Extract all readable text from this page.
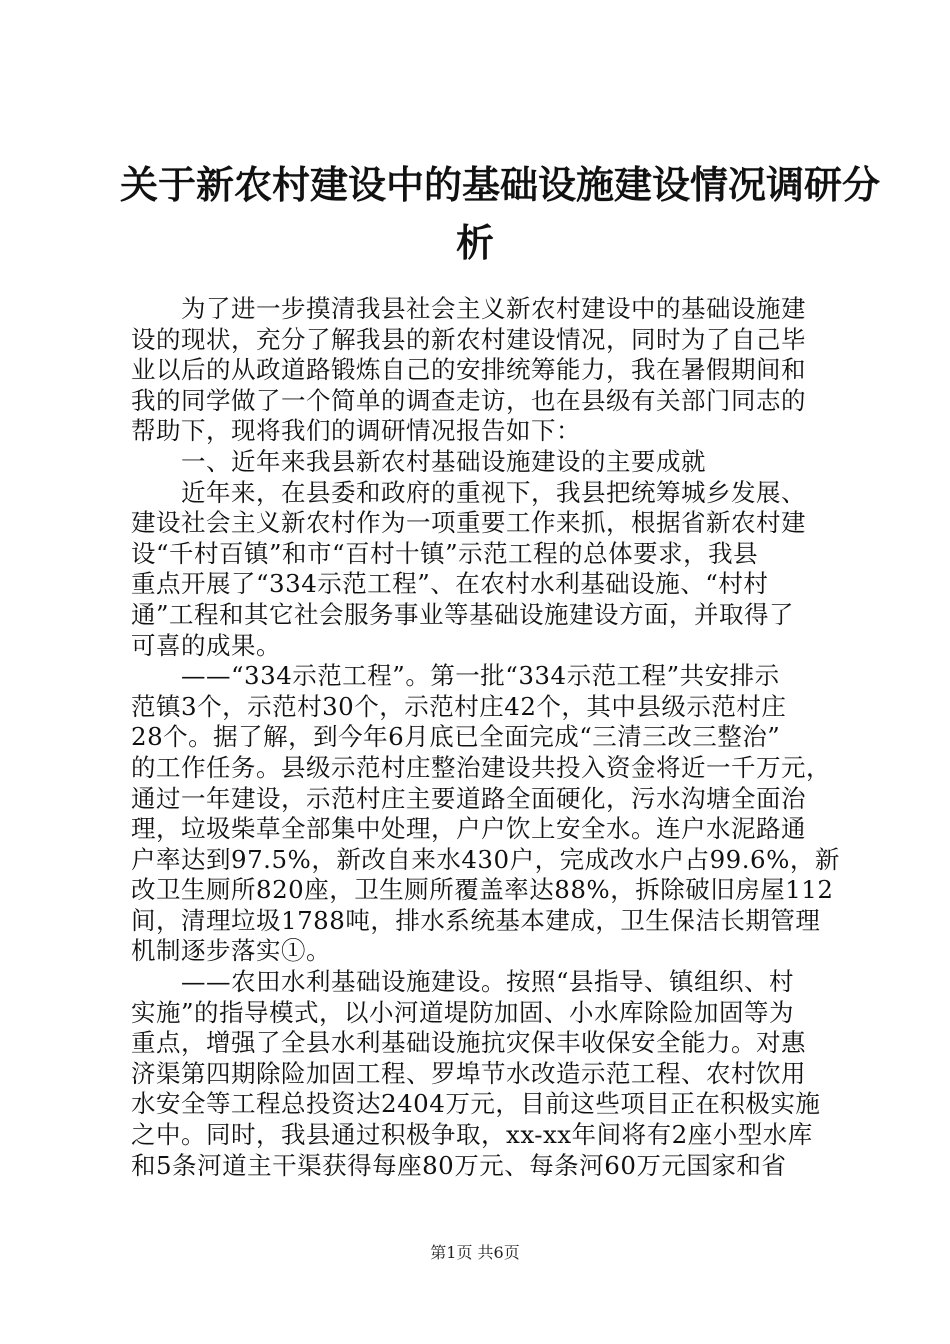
关于新农村建设中的基础设施建设情况调研分
析
　　为了进一步摸清我县社会主义新农村建设中的基础设施建
设的现状，充分了解我县的新农村建设情况，同时为了自己毕
业以后的从政道路锻炼自己的安排统筹能力，我在暑假期间和
我的同学做了一个简单的调查走访，也在县级有关部门同志的
帮助下，现将我们的调研情况报告如下：
　　一、近年来我县新农村基础设施建设的主要成就
　　近年来，在县委和政府的重视下，我县把统筹城乡发展、
建设社会主义新农村作为一项重要工作来抓，根据省新农村建
设“千村百镇”和市“百村十镇”示范工程的总体要求，我县
重点开展了“334示范工程”、在农村水利基础设施、“村村
通”工程和其它社会服务事业等基础设施建设方面，并取得了
可喜的成果。
　　——“334示范工程”。第一批“334示范工程”共安排示
范镇3个，示范村30个，示范村庄42个，其中县级示范村庄
28个。据了解，到今年6月底已全面完成“三清三改三整治”
的工作任务。县级示范村庄整治建设共投入资金将近一千万元，
通过一年建设，示范村庄主要道路全面硬化，污水沟塘全面治
理，垃圾柴草全部集中处理，户户饮上安全水。连户水泥路通
户率达到97.5%，新改自来水430户，完成改水户占99.6%，新
改卫生厕所820座，卫生厕所覆盖率达88%，拆除破旧房屋112
间，清理垃圾1788吨，排水系统基本建成，卫生保洁长期管理
机制逐步落实①。
　　——农田水利基础设施建设。按照“县指导、镇组织、村
实施”的指导模式，以小河道堤防加固、小水库除险加固等为
重点，增强了全县水利基础设施抗灾保丰收保安全能力。对惠
济渠第四期除险加固工程、罗埠节水改造示范工程、农村饮用
水安全等工程总投资达2404万元，目前这些项目正在积极实施
之中。同时，我县通过积极争取，xx-xx年间将有2座小型水库
和5条河道主干渠获得每座80万元、每条河60万元国家和省
第1页 共6页
